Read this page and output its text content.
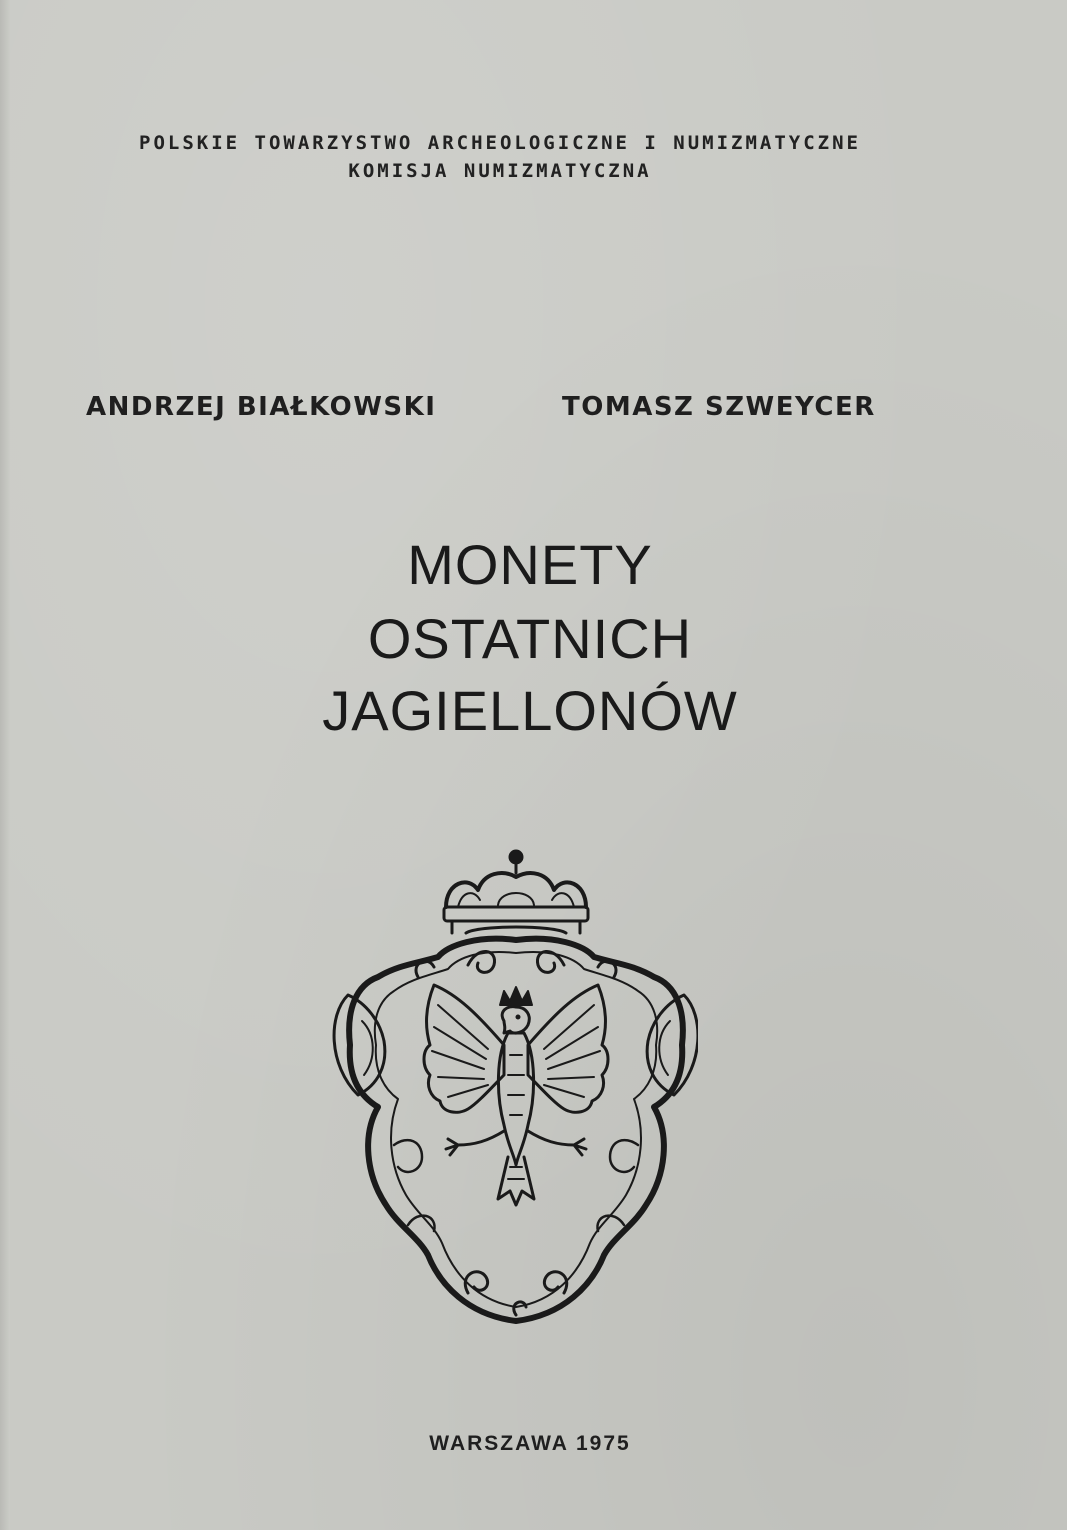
POLSKIE TOWARZYSTWO ARCHEOLOGICZNE I NUMIZMATYCZNE
KOMISJA NUMIZMATYCZNA
ANDRZEJ BIAŁKOWSKI	TOMASZ SZWEYCER
MONETY
OSTATNICH
JAGIELLONÓW
WARSZAWA 1975
